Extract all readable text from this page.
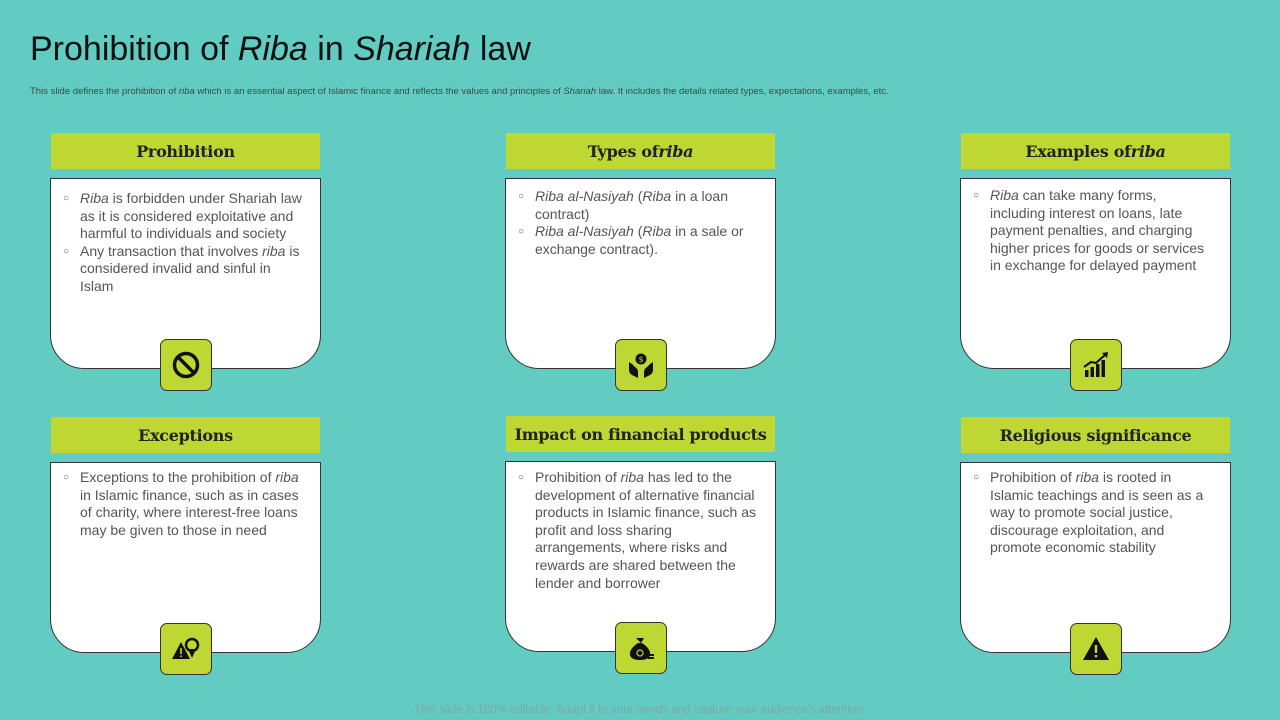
Prohibition of Riba in Shariah law

This slide defines the prohibition of riba which is an essential aspect of Islamic finance and reflects the values and principles of Shariah law. It includes the details related types, expectations, examples, etc.

Prohibition
○ Riba is forbidden under Shariah law as it is considered exploitative and harmful to individuals and society
○ Any transaction that involves riba is considered invalid and sinful in Islam
Types of riba
○ Riba al-Nasiyah (Riba in a loan contract)
○ Riba al-Nasiyah (Riba in a sale or exchange contract).
$
Examples of riba
○ Riba can take many forms, including interest on loans, late payment penalties, and charging higher prices for goods or services in exchange for delayed payment
Exceptions
○ Exceptions to the prohibition of riba in Islamic finance, such as in cases of charity, where interest-free loans may be given to those in need
Impact on financial products
○ Prohibition of riba has led to the development of alternative financial products in Islamic finance, such as profit and loss sharing arrangements, where risks and rewards are shared between the lender and borrower
Religious significance
○ Prohibition of riba is rooted in Islamic teachings and is seen as a way to promote social justice, discourage exploitation, and promote economic stability
This slide is 100% editable. Adapt it to your needs and capture your audience's attention.
